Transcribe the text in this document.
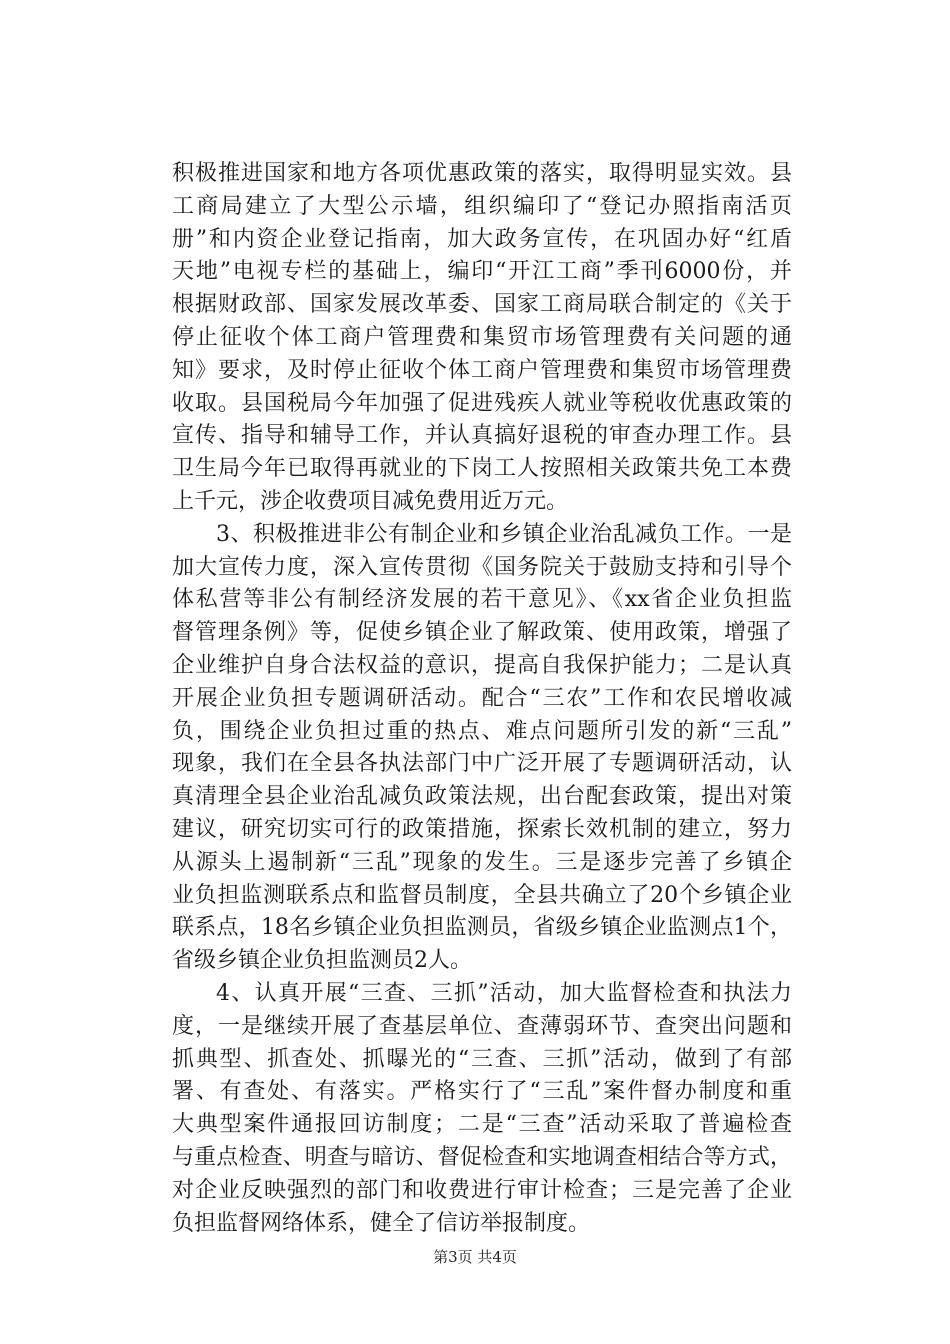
积极推进国家和地方各项优惠政策的落实，取得明显实效。县
工商局建立了大型公示墙，组织编印了“登记办照指南活页
册”和内资企业登记指南，加大政务宣传，在巩固办好“红盾
天地”电视专栏的基础上，编印“开江工商”季刊6000份，并
根据财政部、国家发展改革委、国家工商局联合制定的《关于
停止征收个体工商户管理费和集贸市场管理费有关问题的通
知》要求，及时停止征收个体工商户管理费和集贸市场管理费
收取。县国税局今年加强了促进残疾人就业等税收优惠政策的
宣传、指导和辅导工作，并认真搞好退税的审查办理工作。县
卫生局今年已取得再就业的下岗工人按照相关政策共免工本费
上千元，涉企收费项目减免费用近万元。
3、积极推进非公有制企业和乡镇企业治乱减负工作。一是
加大宣传力度，深入宣传贯彻《国务院关于鼓励支持和引导个
体私营等非公有制经济发展的若干意见》、《xx省企业负担监
督管理条例》等，促使乡镇企业了解政策、使用政策，增强了
企业维护自身合法权益的意识，提高自我保护能力；二是认真
开展企业负担专题调研活动。配合“三农”工作和农民增收减
负，围绕企业负担过重的热点、难点问题所引发的新“三乱”
现象，我们在全县各执法部门中广泛开展了专题调研活动，认
真清理全县企业治乱减负政策法规，出台配套政策，提出对策
建议，研究切实可行的政策措施，探索长效机制的建立，努力
从源头上遏制新“三乱”现象的发生。三是逐步完善了乡镇企
业负担监测联系点和监督员制度，全县共确立了20个乡镇企业
联系点，18名乡镇企业负担监测员，省级乡镇企业监测点1个，
省级乡镇企业负担监测员2人。
4、认真开展“三查、三抓”活动，加大监督检查和执法力
度，一是继续开展了查基层单位、查薄弱环节、查突出问题和
抓典型、抓查处、抓曝光的“三查、三抓”活动，做到了有部
署、有查处、有落实。严格实行了“三乱”案件督办制度和重
大典型案件通报回访制度；二是“三查”活动采取了普遍检查
与重点检查、明查与暗访、督促检查和实地调查相结合等方式，
对企业反映强烈的部门和收费进行审计检查；三是完善了企业
负担监督网络体系，健全了信访举报制度。
第3页 共4页
